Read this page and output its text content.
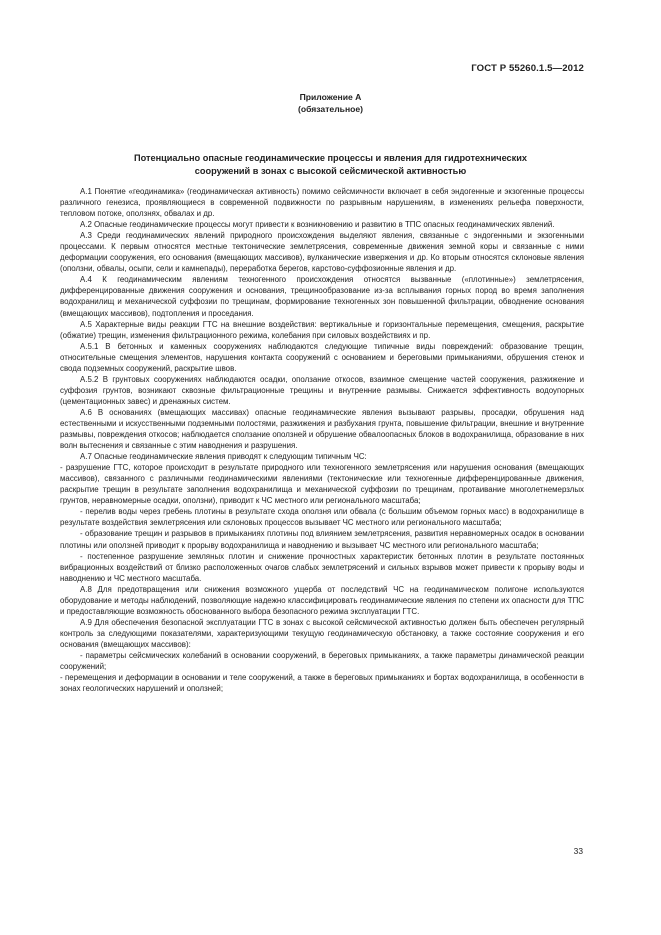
ГОСТ Р 55260.1.5—2012
Приложение А
(обязательное)
Потенциально опасные геодинамические процессы и явления для гидротехнических
сооружений в зонах с высокой сейсмической активностью

А.1 Понятие «геодинамика» (геодинамическая активность) помимо сейсмичности включает в себя эндогенные и экзогенные процессы различного генезиса, проявляющиеся в современной подвижности по разрывным нарушениям, в изменениях рельефа поверхности, тепловом потоке, оползнях, обвалах и др.

А.2 Опасные геодинамические процессы могут привести к возникновению и развитию в ТПС опасных геодинамических явлений.

А.3 Среди геодинамических явлений природного происхождения выделяют явления, связанные с эндогенными и экзогенными процессами. К первым относятся местные тектонические землетрясения, современные движения земной коры и связанные с ними деформации сооружения, его основания (вмещающих массивов), вулканические извержения и др. Ко вторым относятся склоновые явления (оползни, обвалы, осыпи, сели и камнепады), переработка берегов, карстово-суффозионные явления и др.

А.4 К геодинамическим явлениям техногенного происхождения относятся вызванные («плотинные») землетрясения, дифференцированные движения сооружения и основания, трещинообразование из-за всплывания горных пород во время заполнения водохранилищ и механической суффозии по трещинам, формирование техногенных зон повышенной фильтрации, обводнение основания (вмещающих массивов), подтопления и проседания.

А.5 Характерные виды реакции ГТС на внешние воздействия: вертикальные и горизонтальные перемещения, смещения, раскрытие (обжатие) трещин, изменения фильтрационного режима, колебания при силовых воздействиях и пр.

А.5.1 В бетонных и каменных сооружениях наблюдаются следующие типичные виды повреждений: образование трещин, относительные смещения элементов, нарушения контакта сооружений с основанием и береговыми примыканиями, обрушения стенок и свода подземных сооружений, раскрытие швов.

А.5.2 В грунтовых сооружениях наблюдаются осадки, оползание откосов, взаимное смещение частей сооружения, разжижение и суффозия грунтов, возникают сквозные фильтрационные трещины и внутренние размывы. Снижается эффективность водоупорных (цементационных завес) и дренажных систем.

А.6 В основаниях (вмещающих массивах) опасные геодинамические явления вызывают разрывы, просадки, обрушения над естественными и искусственными подземными полостями, разжижения и разбухания грунта, повышение фильтрации, внешние и внутренние размывы, повреждения откосов; наблюдается сползание оползней и обрушение обвалоопасных блоков в водохранилища, образование в них волн вытеснения и связанные с этим наводнения и разрушения.

А.7 Опасные геодинамические явления приводят к следующим типичным ЧС:

- разрушение ГТС, которое происходит в результате природного или техногенного землетрясения или нарушения основания (вмещающих массивов), связанного с различными геодинамическими явлениями (тектонические или техногенные дифференцированные движения, раскрытие трещин в результате заполнения водохранилища и механической суффозии по трещинам, протаивание многолетнемерзлых грунтов, неравномерные осадки, оползни), приводит к ЧС местного или регионального масштаба;

- перелив воды через гребень плотины в результате схода оползня или обвала (с большим объемом горных масс) в водохранилище в результате воздействия землетрясения или склоновых процессов вызывает ЧС местного или регионального масштаба;

- образование трещин и разрывов в примыканиях плотины под влиянием землетрясения, развития неравномерных осадок в основании плотины или оползней приводит к прорыву водохранилища и наводнению и вызывает ЧС местного или регионального масштаба;

- постепенное разрушение земляных плотин и снижение прочностных характеристик бетонных плотин в результате постоянных вибрационных воздействий от близко расположенных очагов слабых землетрясений и сильных взрывов может привести к прорыву воды и наводнению и ЧС местного масштаба.

А.8 Для предотвращения или снижения возможного ущерба от последствий ЧС на геодинамическом полигоне используются оборудование и методы наблюдений, позволяющие надежно классифицировать геодинамические явления по степени их опасности для ТПС и предоставляющие возможность обоснованного выбора безопасного режима эксплуатации ГТС.

А.9 Для обеспечения безопасной эксплуатации ГТС в зонах с высокой сейсмической активностью должен быть обеспечен регулярный контроль за следующими показателями, характеризующими текущую геодинамическую обстановку, а также состояние сооружения и его основания (вмещающих массивов):

- параметры сейсмических колебаний в основании сооружений, в береговых примыканиях, а также параметры динамической реакции сооружений;

- перемещения и деформации в основании и теле сооружений, а также в береговых примыканиях и бортах водохранилища, в особенности в зонах геологических нарушений и оползней;

33
